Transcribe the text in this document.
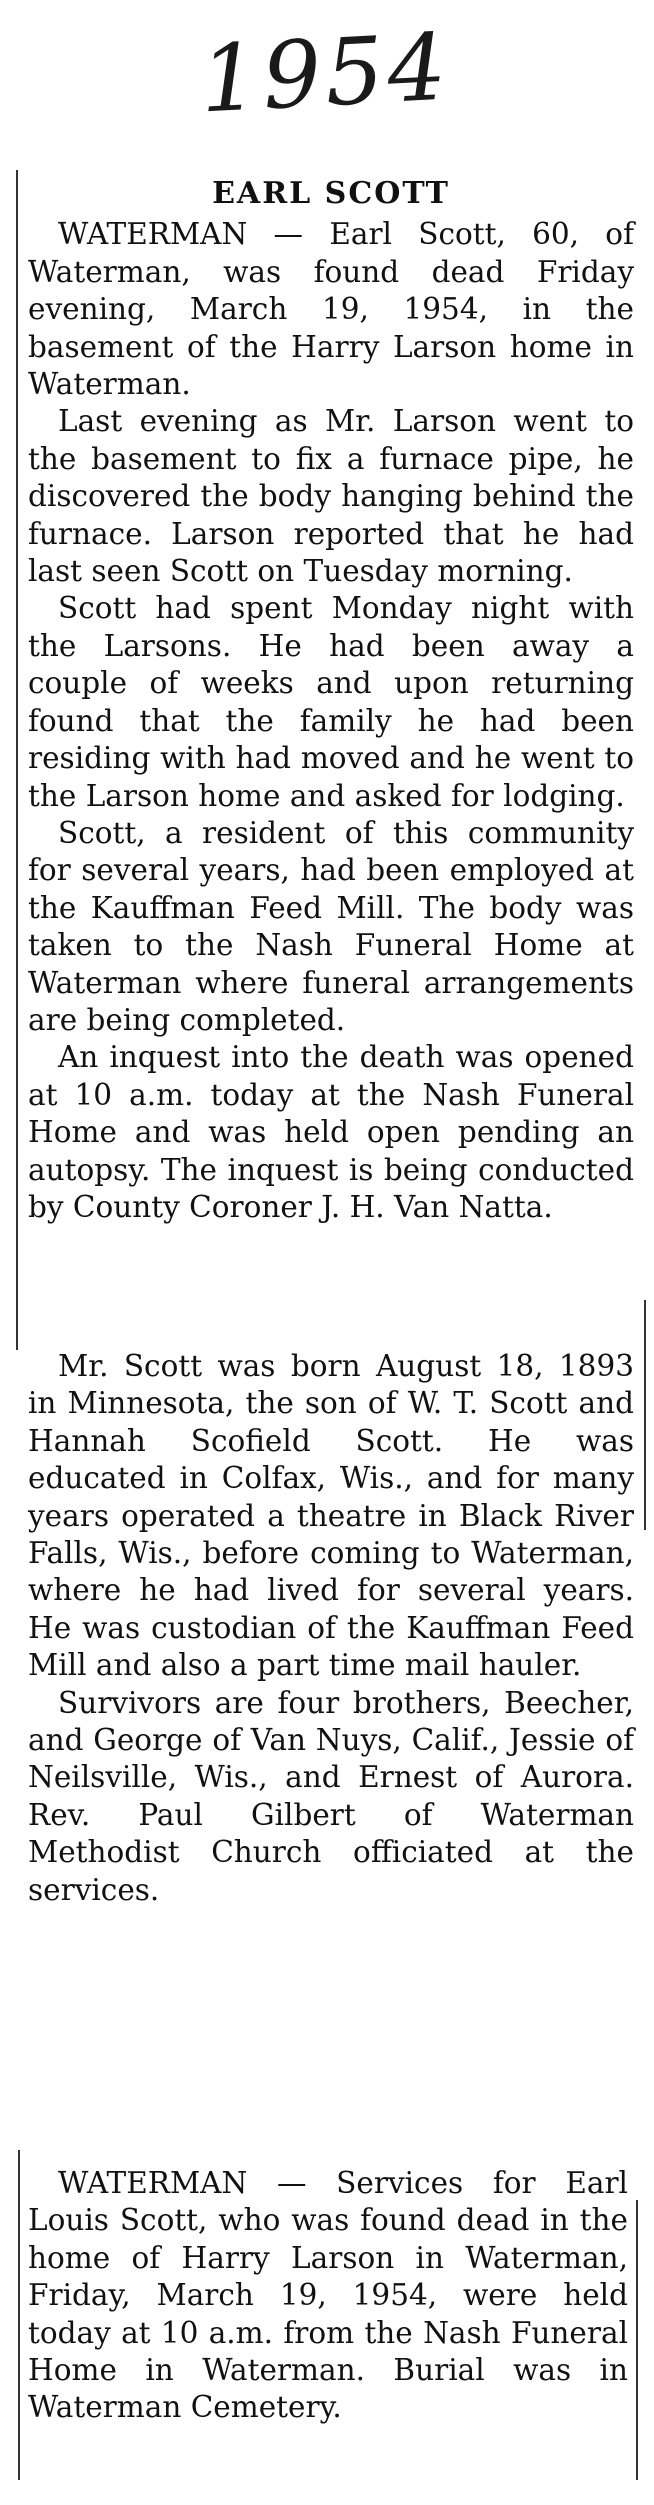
1954
EARL SCOTT

WATERMAN — Earl Scott, 60, of Waterman, was found dead Friday evening, March 19, 1954, in the basement of the Harry Larson home in Waterman.

Last evening as Mr. Larson went to the basement to fix a furnace pipe, he discovered the body hanging behind the furnace. Larson reported that he had last seen Scott on Tuesday morning.

Scott had spent Monday night with the Larsons. He had been away a couple of weeks and upon returning found that the family he had been residing with had moved and he went to the Larson home and asked for lodging.

Scott, a resident of this community for several years, had been employed at the Kauffman Feed Mill. The body was taken to the Nash Funeral Home at Waterman where funeral arrangements are being completed.

An inquest into the death was opened at 10 a.m. today at the Nash Funeral Home and was held open pending an autopsy. The inquest is being conducted by County Coroner J. H. Van Natta.

Mr. Scott was born August 18, 1893 in Minnesota, the son of W. T. Scott and Hannah Scofield Scott. He was educated in Colfax, Wis., and for many years operated a theatre in Black River Falls, Wis., before coming to Waterman, where he had lived for several years. He was custodian of the Kauffman Feed Mill and also a part time mail hauler.

Survivors are four brothers, Beecher, and George of Van Nuys, Calif., Jessie of Neilsville, Wis., and Ernest of Aurora. Rev. Paul Gilbert of Waterman Methodist Church officiated at the services.

WATERMAN — Services for Earl Louis Scott, who was found dead in the home of Harry Larson in Waterman, Friday, March 19, 1954, were held today at 10 a.m. from the Nash Funeral Home in Waterman. Burial was in Waterman Cemetery.
